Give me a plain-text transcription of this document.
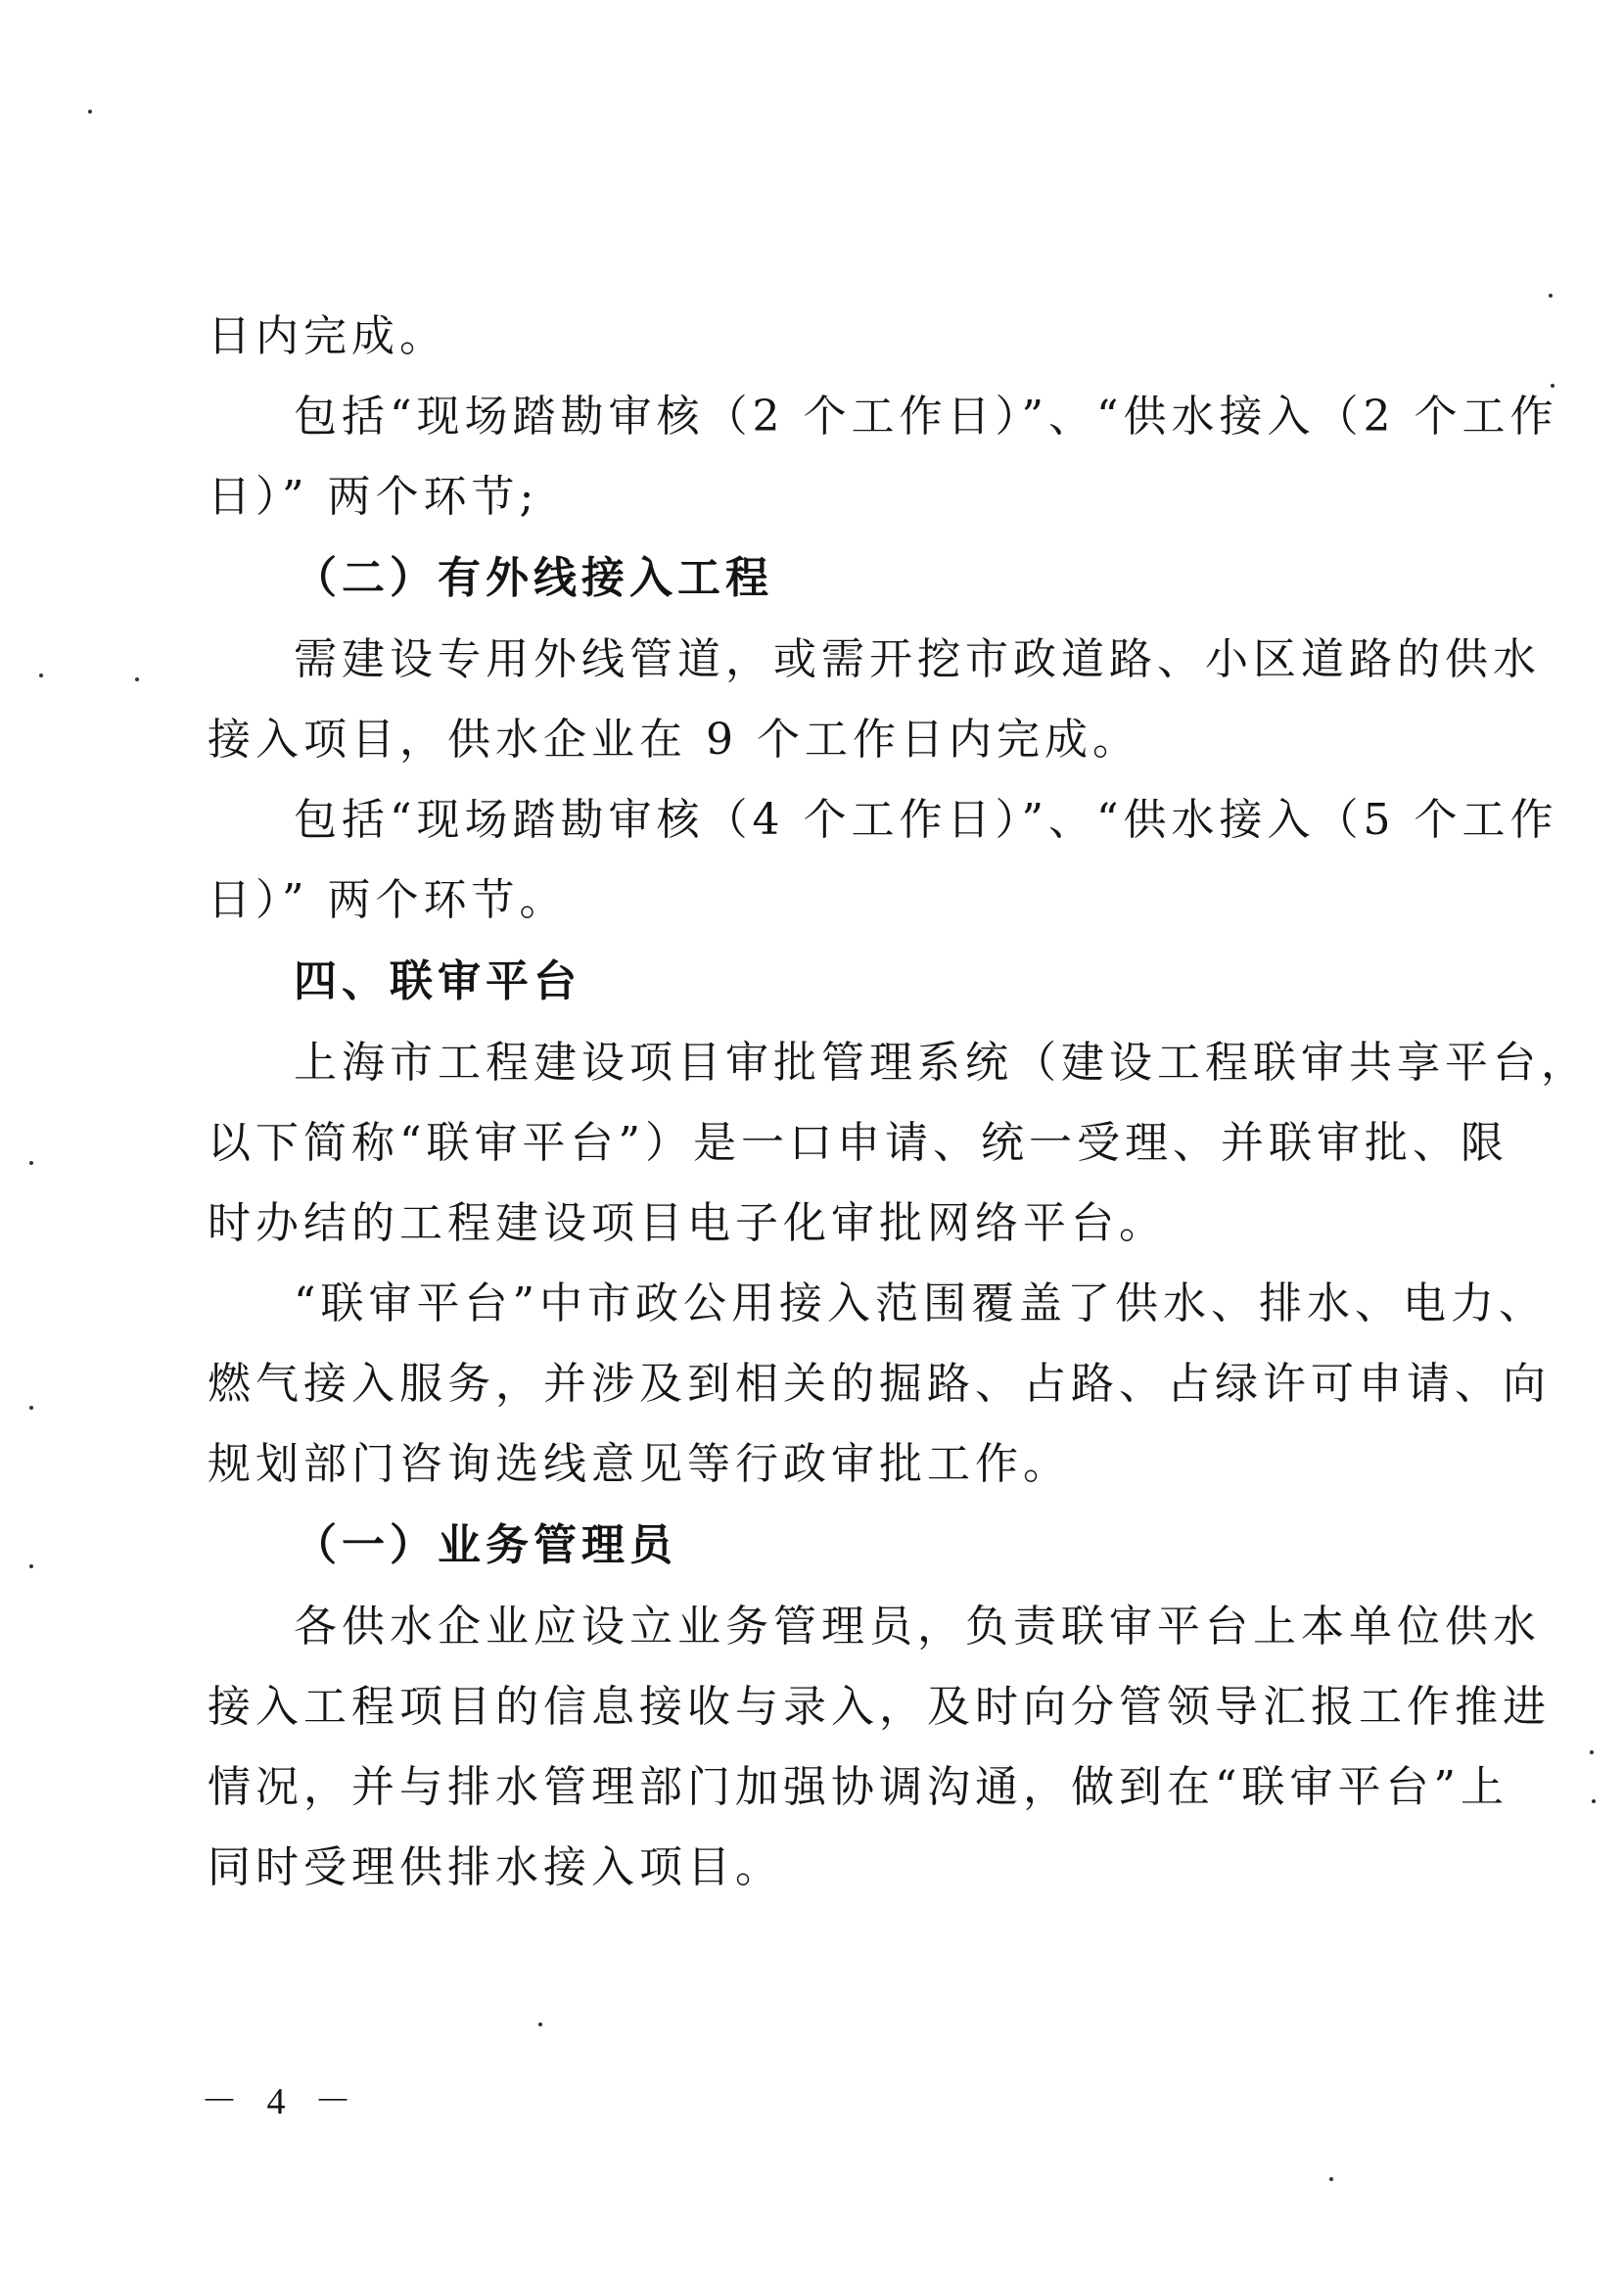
日内完成。
包括“现场踏勘审核（2 个工作日）”、“供水接入（2 个工作
日）” 两个环节;
（二）有外线接入工程
需建设专用外线管道，或需开挖市政道路、小区道路的供水
接入项目，供水企业在 9 个工作日内完成。
包括“现场踏勘审核（4 个工作日）”、“供水接入（5 个工作
日）” 两个环节。
四、联审平台
上海市工程建设项目审批管理系统（建设工程联审共享平台，
以下简称“联审平台”）是一口申请、统一受理、并联审批、限
时办结的工程建设项目电子化审批网络平台。
“联审平台”中市政公用接入范围覆盖了供水、排水、电力、
燃气接入服务，并涉及到相关的掘路、占路、占绿许可申请、向
规划部门咨询选线意见等行政审批工作。
（一）业务管理员
各供水企业应设立业务管理员，负责联审平台上本单位供水
接入工程项目的信息接收与录入，及时向分管领导汇报工作推进
情况，并与排水管理部门加强协调沟通，做到在“联审平台”上
同时受理供排水接入项目。
－ 4 －
